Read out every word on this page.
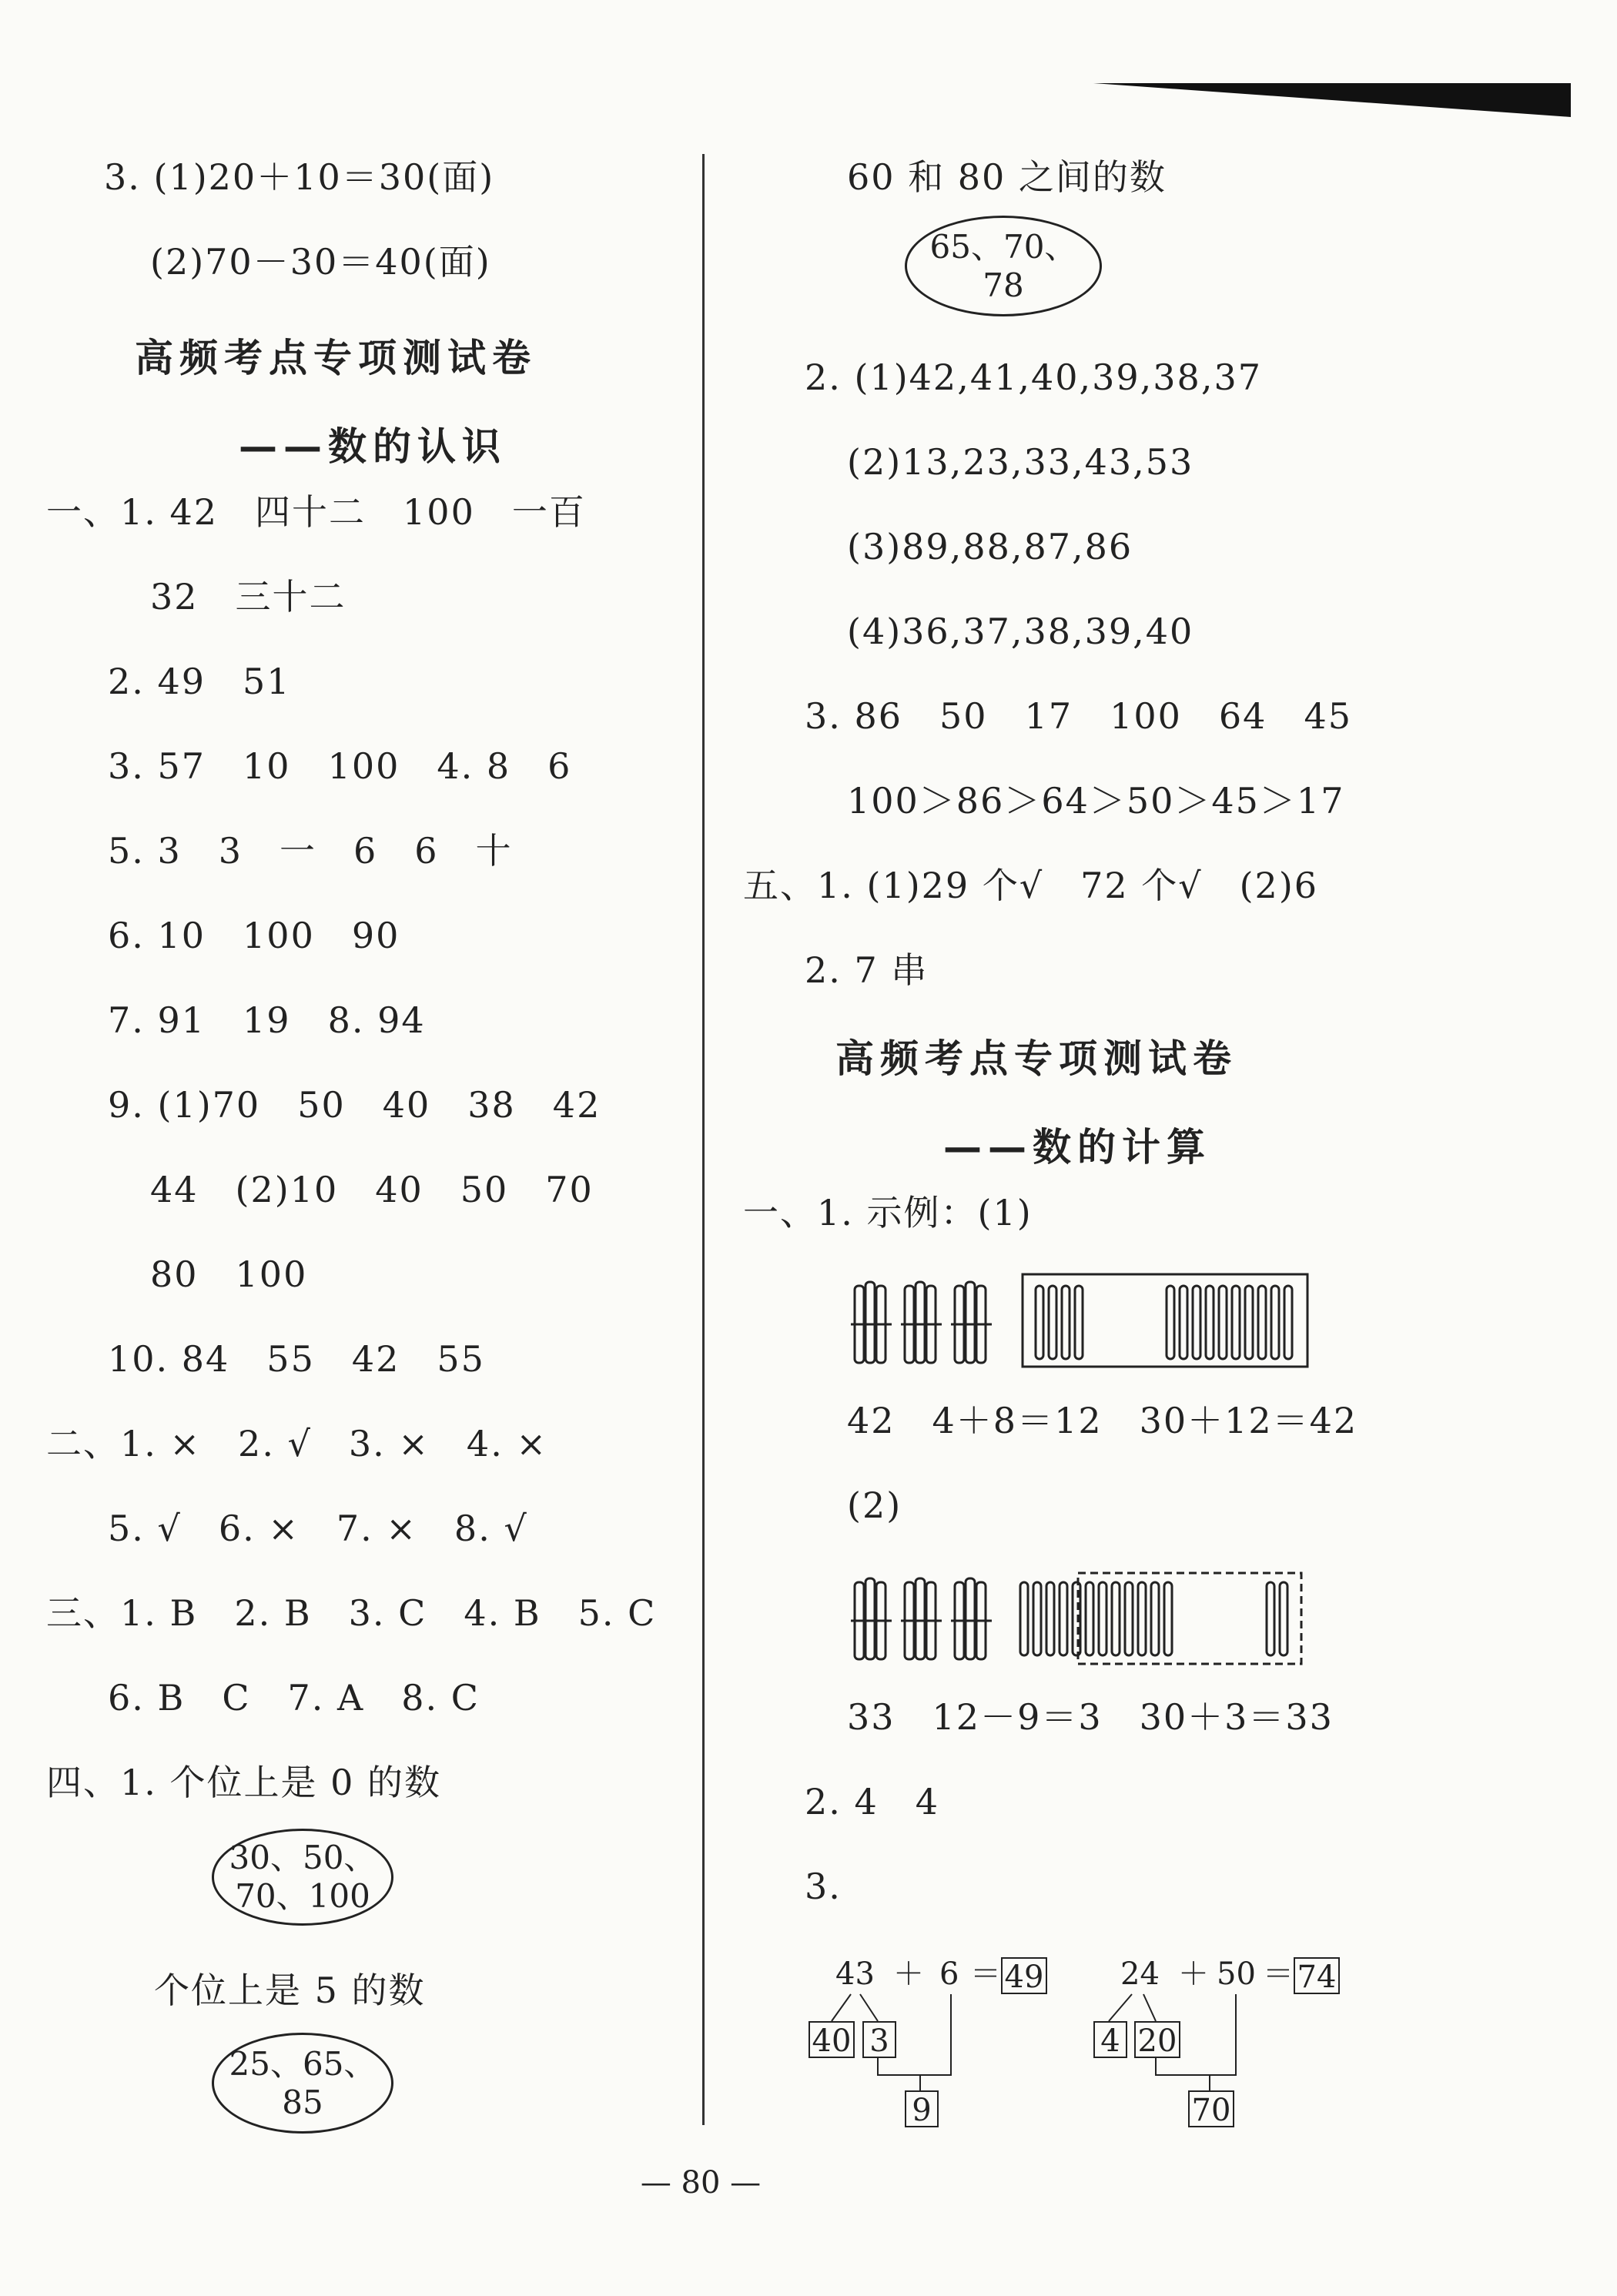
3. (1)20＋10＝30(面)
(2)70－30＝40(面)
高频考点专项测试卷
——数的认识
一、1. 42　四十二　100　一百
32　三十二
2. 49　51
3. 57　10　100　4. 8　6
5. 3　3　一　6　6　十
6. 10　100　90
7. 91　19　8. 94
9. (1)70　50　40　38　42
44　(2)10　40　50　70
80　100
10. 84　55　42　55
二、1. ×　2. √　3. ×　4. ×
5. √　6. ×　7. ×　8. √
三、1. B　2. B　3. C　4. B　5. C
6. B　C　7. A　8. C
四、1. 个位上是 0 的数
30、50、
70、100
个位上是 5 的数
25、65、
85
60 和 80 之间的数
65、70、
78
2. (1)42,41,40,39,38,37
(2)13,23,33,43,53
(3)89,88,87,86
(4)36,37,38,39,40
3. 86　50　17　100　64　45
100＞86＞64＞50＞45＞17
五、1. (1)29 个√　72 个√　(2)6
2. 7 串
高频考点专项测试卷
——数的计算
一、1. 示例：(1)
42　4＋8＝12　30＋12＝42
(2)
33　12－9＝3　30＋3＝33
2. 4　4
3.
43 ＋ 6 ＝ 49
40 3
9
24 ＋ 50 ＝ 74
4 20
70
— 80 —
